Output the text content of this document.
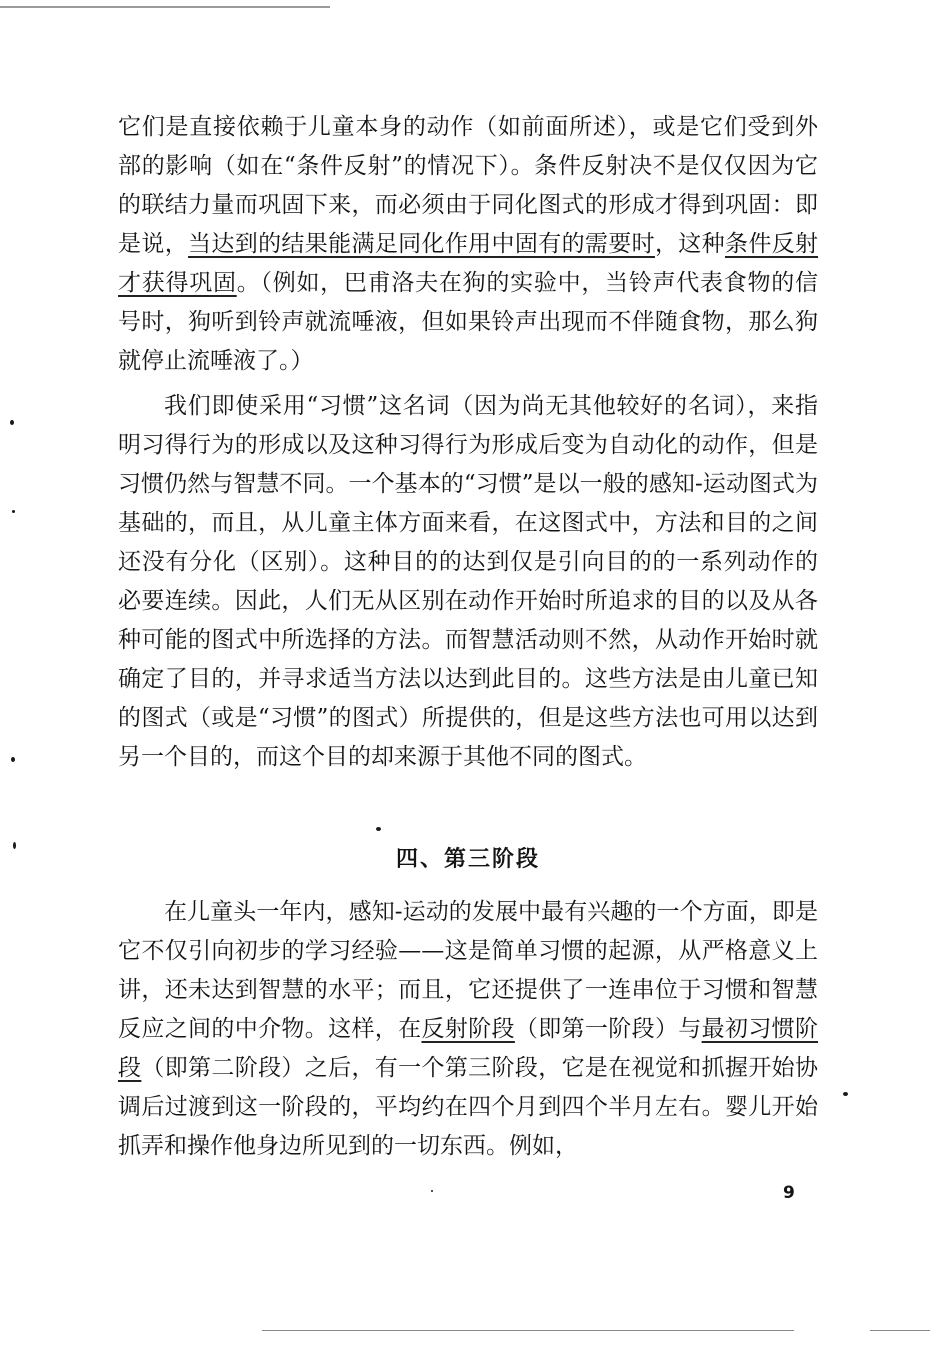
它们是直接依赖于儿童本身的动作（如前面所述），或是它们受到外部的影响（如在“条件反射”的情况下）。条件反射决不是仅仅因为它的联结力量而巩固下来，而必须由于同化图式的形成才得到巩固：即是说，当达到的结果能满足同化作用中固有的需要时，这种条件反射才获得巩固。（例如，巴甫洛夫在狗的实验中，当铃声代表食物的信号时，狗听到铃声就流唾液，但如果铃声出现而不伴随食物，那么狗就停止流唾液了。）

我们即使采用“习惯”这名词（因为尚无其他较好的名词），来指明习得行为的形成以及这种习得行为形成后变为自动化的动作，但是习惯仍然与智慧不同。一个基本的“习惯”是以一般的感知-运动图式为基础的，而且，从儿童主体方面来看，在这图式中，方法和目的之间还没有分化（区别）。这种目的的达到仅是引向目的的一系列动作的必要连续。因此，人们无从区别在动作开始时所追求的目的以及从各种可能的图式中所选择的方法。而智慧活动则不然，从动作开始时就确定了目的，并寻求适当方法以达到此目的。这些方法是由儿童已知的图式（或是“习惯”的图式）所提供的，但是这些方法也可用以达到另一个目的，而这个目的却来源于其他不同的图式。

四、第三阶段

在儿童头一年内，感知-运动的发展中最有兴趣的一个方面，即是它不仅引向初步的学习经验——这是简单习惯的起源，从严格意义上讲，还未达到智慧的水平；而且，它还提供了一连串位于习惯和智慧反应之间的中介物。这样，在反射阶段（即第一阶段）与最初习惯阶段（即第二阶段）之后，有一个第三阶段，它是在视觉和抓握开始协调后过渡到这一阶段的，平均约在四个月到四个半月左右。婴儿开始抓弄和操作他身边所见到的一切东西。例如，

9
